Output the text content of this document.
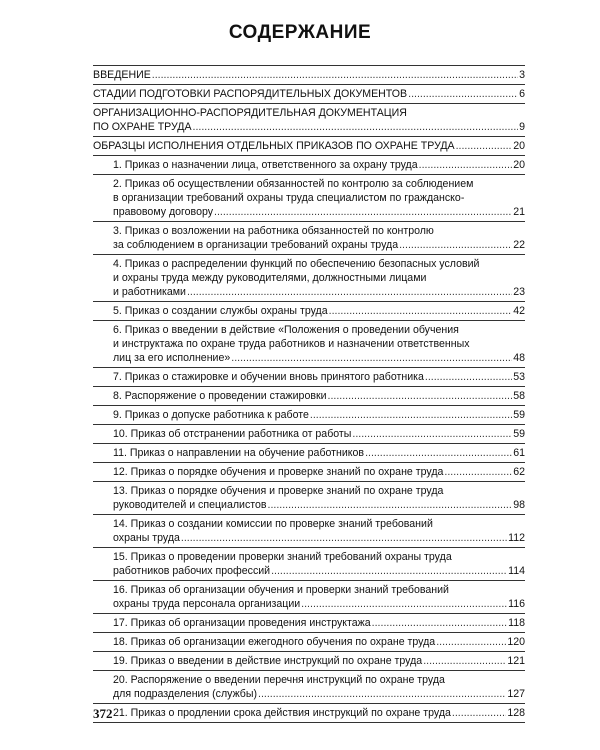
СОДЕРЖАНИЕ
ВВЕДЕНИЕ .....	3
СТАДИИ ПОДГОТОВКИ РАСПОРЯДИТЕЛЬНЫХ ДОКУМЕНТОВ .....	6
ОРГАНИЗАЦИОННО-РАСПОРЯДИТЕЛЬНАЯ ДОКУМЕНТАЦИЯ
ПО ОХРАНЕ ТРУДА .....	9
ОБРАЗЦЫ ИСПОЛНЕНИЯ ОТДЕЛЬНЫХ ПРИКАЗОВ ПО ОХРАНЕ ТРУДА .....	20
1. Приказ о назначении лица, ответственного за охрану труда .....	20
2. Приказ об осуществлении обязанностей по контролю за соблюдением
в организации требований охраны труда специалистом по гражданско-
правовому договору .....	21
3. Приказ о возложении на работника обязанностей по контролю
за соблюдением в организации требований охраны труда .....	22
4. Приказ о распределении функций по обеспечению безопасных условий
и охраны труда между руководителями, должностными лицами
и работниками .....	23
5. Приказ о создании службы охраны труда .....	42
6. Приказ о введении в действие «Положения о проведении обучения
и инструктажа по охране труда работников и назначении ответственных
лиц за его исполнение» .....	48
7. Приказ о стажировке и обучении вновь принятого работника .....	53
8. Распоряжение о проведении стажировки .....	58
9. Приказ о допуске работника к работе .....	59
10. Приказ об отстранении работника от работы .....	59
11. Приказ о направлении на обучение работников .....	61
12. Приказ о порядке обучения и проверке знаний по охране труда .....	62
13. Приказ о порядке обучения и проверке знаний по охране труда
руководителей и специалистов .....	98
14. Приказ о создании комиссии по проверке знаний требований
охраны труда .....	112
15. Приказ о проведении проверки знаний требований охраны труда
работников рабочих профессий .....	114
16. Приказ об организации обучения и проверки знаний требований
охраны труда персонала организации .....	116
17. Приказ об организации проведения инструктажа .....	118
18. Приказ об организации ежегодного обучения по охране труда .....	120
19. Приказ о введении в действие инструкций по охране труда .....	121
20. Распоряжение о введении перечня инструкций по охране труда
для подразделения (службы) .....	127
21. Приказ о продлении срока действия инструкций по охране труда .....	128
372
